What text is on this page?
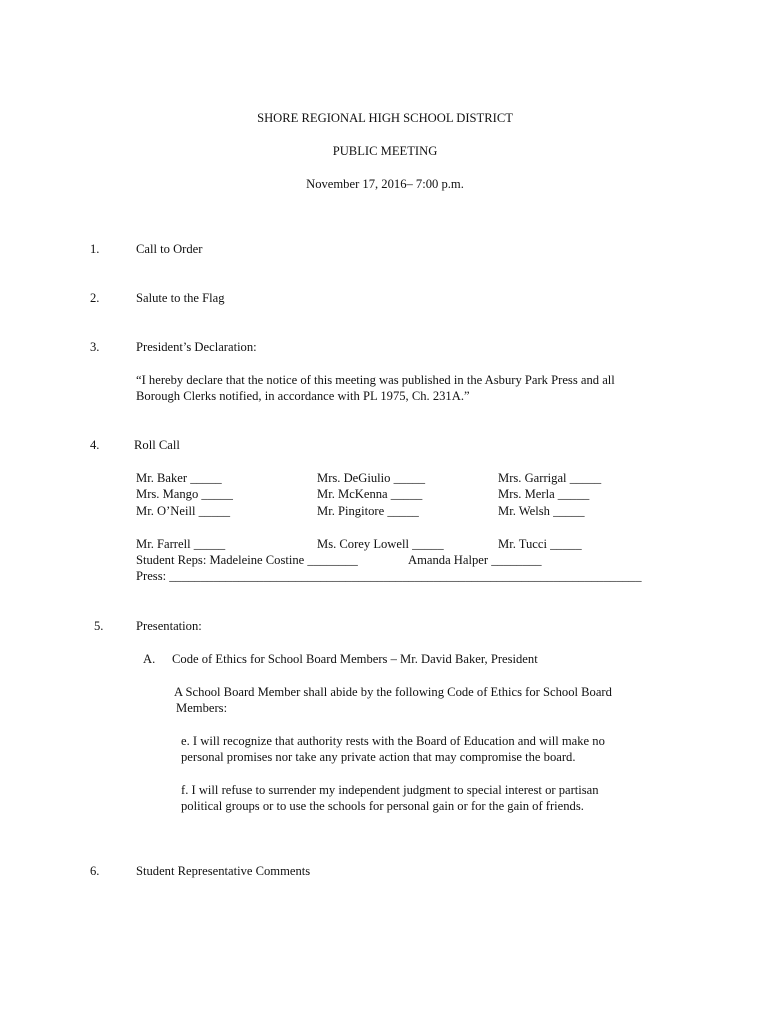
SHORE REGIONAL HIGH SCHOOL DISTRICT
PUBLIC MEETING
November 17, 2016– 7:00 p.m.
1.	Call to Order
2.	Salute to the Flag
3.	President’s Declaration:
“I hereby declare that the notice of this meeting was published in the Asbury Park Press and all
Borough Clerks notified, in accordance with PL 1975, Ch. 231A.”
4.	Roll Call
Mr. Baker _____	Mrs. DeGiulio _____	Mrs. Garrigal _____
Mrs. Mango _____	Mr. McKenna _____	Mrs. Merla _____
Mr. O’Neill _____	Mr. Pingitore _____	Mr. Welsh _____
Mr. Farrell _____	Ms. Corey Lowell _____	Mr. Tucci _____
Student Reps: Madeleine Costine ________	Amanda Halper ________
Press: ___________________________________________________________________________
5.	Presentation:
A. Code of Ethics for School Board Members – Mr. David Baker, President
A School Board Member shall abide by the following Code of Ethics for School Board
Members:
e. I will recognize that authority rests with the Board of Education and will make no
personal promises nor take any private action that may compromise the board.
f. I will refuse to surrender my independent judgment to special interest or partisan
political groups or to use the schools for personal gain or for the gain of friends.
6.	Student Representative Comments
